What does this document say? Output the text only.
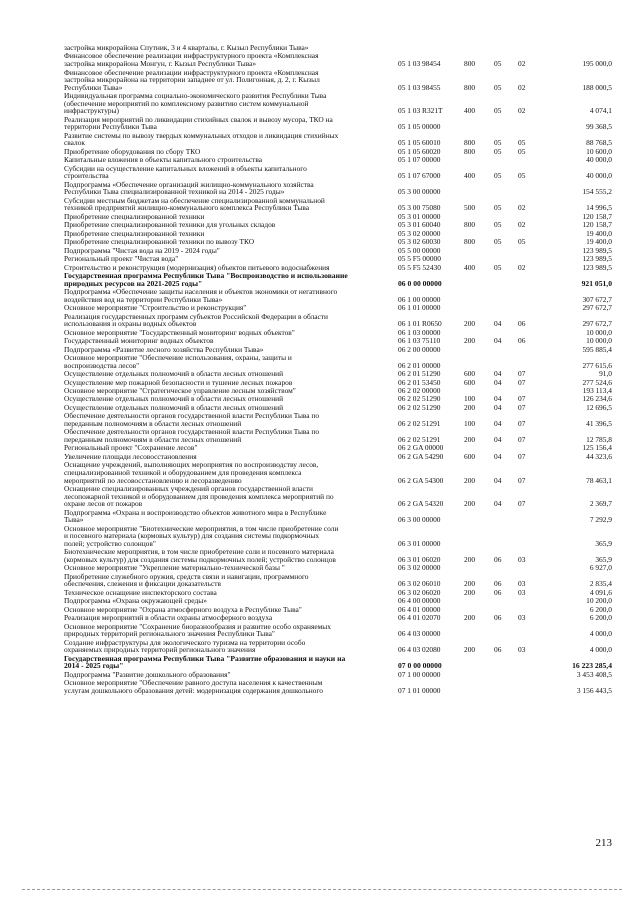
застройка микрорайона Спутник, 3 и 4 кварталы, г. Кызыл Республики Тыва»
Финансовое обеспечение реализации инфраструктурного проекта «Комплексная
застройка микрорайона Монгун, г. Кызыл Республики Тыва»	05 1 03 98454	800	05 02	195 000,0
Финансовое обеспечение реализации инфраструктурного проекта «Комплексная
застройка микрорайона на территории западнее от ул. Полигонная, д. 2, г. Кызыл
Республики Тыва»	05 1 03 98455	800	05 02	188 000,5
Индивидуальная программа социально-экономического развития Республики Тыва
(обеспечение мероприятий по комплексному развитию систем коммунальной
инфраструктуры)	05 1 03 R321T	400	05 02	4 074,1
Реализация мероприятий по ликвидации стихийных свалок и вывозу мусора, ТКО на
территории Республики Тыва	05 1 05 00000	99 368,5
Развитие системы по вывозу твердых коммунальных отходов и ликвидация стихийных
свалок	05 1 05 60010	800	05 05	88 768,5
Приобретение оборудования по сбору ТКО	05 1 05 60020	800	05 05	10 600,0
Капитальные вложения в объекты капитального строительства	05 1 07 00000	40 000,0
Субсидии на осуществление капитальных вложений в объекты капитального
строительства	05 1 07 67000	400	05 05	40 000,0
Подпрограмма «Обеспечение организаций жилищно-коммунального хозяйства
Республики Тыва специализированной техникой на 2014 - 2025 годы»	05 3 00 00000	154 555,2
Субсидии местным бюджетам на обеспечение специализированной коммунальной
техникой предприятий жилищно-коммунального комплекса Республики Тыва	05 3 00 75080	500	05 02	14 996,5
Приобретение специализированной техники	05 3 01 00000	120 158,7
Приобретение специализированной техники для угольных складов	05 3 01 60040	800	05 02	120 158,7
Приобретение специализированной техники	05 3 02 00000	19 400,0
Приобретение специализированной техники по вывозу ТКО	05 3 02 60030	800	05 05	19 400,0
Подпрограмма "Чистая вода на 2019 - 2024 годы"	05 5 00 00000	123 989,5
Региональный проект "Чистая вода"	05 5 F5 00000	123 989,5
Строительство и реконструкция (модернизация) объектов питьевого водоснабжения	05 5 F5 52430	400	05 02	123 989,5
Государственная программа Республики Тыва "Воспроизводство и использование
природных ресурсов на 2021-2025 годы"	06 0 00 00000	921 051,0
Подпрограмма «Обеспечение защиты населения и объектов экономики от негативного
воздействия вод на территории Республики Тыва»	06 1 00 00000	307 672,7
Основное мероприятие "Строительство и реконструкция"	06 1 01 00000	297 672,7
Реализация государственных программ субъектов Российской Федерации в области
использования и охраны водных объектов	06 1 01 R0650	200	04 06	297 672,7
Основное мероприятие "Государственный мониторинг водных объектов"	06 1 03 00000	10 000,0
Государственный мониторинг водных объектов	06 1 03 75110	200	04 06	10 000,0
Подпрограмма «Развитие лесного хозяйства Республики Тыва»	06 2 00 00000	595 885,4
Основное мероприятие "Обеспечение использования, охраны, защиты и
воспроизводства лесов"	06 2 01 00000	277 615,6
Осуществление отдельных полномочий в области лесных отношений	06 2 01 51290	600	04 07	91,0
Осуществление мер пожарной безопасности и тушение лесных пожаров	06 2 01 53450	600	04 07	277 524,6
Основное мероприятие "Стратегическое управление лесным хозяйством"	06 2 02 00000	193 113,4
Осуществление отдельных полномочий в области лесных отношений	06 2 02 51290	100	04 07	126 234,6
Осуществление отдельных полномочий в области лесных отношений	06 2 02 51290	200	04 07	12 696,5
Обеспечение деятельности органов государственной власти Республики Тыва по
переданным полномочиям в области лесных отношений	06 2 02 51291	100	04 07	41 396,5
Обеспечение деятельности органов государственной власти Республики Тыва по
переданным полномочиям в области лесных отношений	06 2 02 51291	200	04 07	12 785,8
Региональный проект "Сохранение лесов"	06 2 GA 00000	125 156,4
Увеличение площади лесовосстановления	06 2 GA 54290	600	04 07	44 323,6
Оснащение учреждений, выполняющих мероприятия по воспроизводству лесов,
специализированной техникой и оборудованием для проведения комплекса
мероприятий по лесовосстановлению и лесоразведению	06 2 GA 54300	200	04 07	78 463,1
Оснащение специализированных учреждений органов государственной власти
лесопожарной техникой и оборудованием для проведения комплекса мероприятий по
охране лесов от пожаров	06 2 GA 54320	200	04 07	2 369,7
Подпрограмма «Охрана и воспроизводство объектов животного мира в Республике
Тыва»	06 3 00 00000	7 292,9
Основное мероприятие "Биотехнические мероприятия, в том числе приобретение соли
и посевного материала (кормовых культур) для создания системы подкормочных
полей; устройство солонцов"	06 3 01 00000	365,9
Биотехнические мероприятия, в том числе приобретение соли и посевного материала
(кормовых культур) для создания системы подкормочных полей; устройство солонцов	06 3 01 06020	200	06 03	365,9
Основное мероприятие "Укрепление материально-технической базы "	06 3 02 00000	6 927,0
Приобретение служебного оружия, средств связи и навигации, программного
обеспечения, слежения и фиксации доказательств	06 3 02 06010	200	06 03	2 835,4
Техническое оснащение инспекторского состава	06 3 02 06020	200	06 03	4 091,6
Подпрограмма «Охрана окружающей среды»	06 4 00 00000	10 200,0
Основное мероприятие "Охрана атмосферного воздуха в Республике Тыва"	06 4 01 00000	6 200,0
Реализация мероприятий в области охраны атмосферного воздуха	06 4 01 02070	200	06 03	6 200,0
Основное мероприятие "Сохранение биоразнообразия и развитие особо охраняемых
природных территорий регионального значения Республики Тыва"	06 4 03 00000	4 000,0
Создание инфраструктуры для экологического туризма на территории особо
охраняемых природных территорий регионального значения	06 4 03 02080	200	06 03	4 000,0
Государственная программа Республики Тыва "Развитие образования и науки на
2014 - 2025 годы"	07 0 00 00000	16 223 285,4
Подпрограмма "Развитие дошкольного образования"	07 1 00 00000	3 453 408,5
Основное мероприятие "Обеспечение равного доступа населения к качественным
услугам дошкольного образования детей: модернизация содержания дошкольного	07 1 01 00000	3 156 443,5
213
